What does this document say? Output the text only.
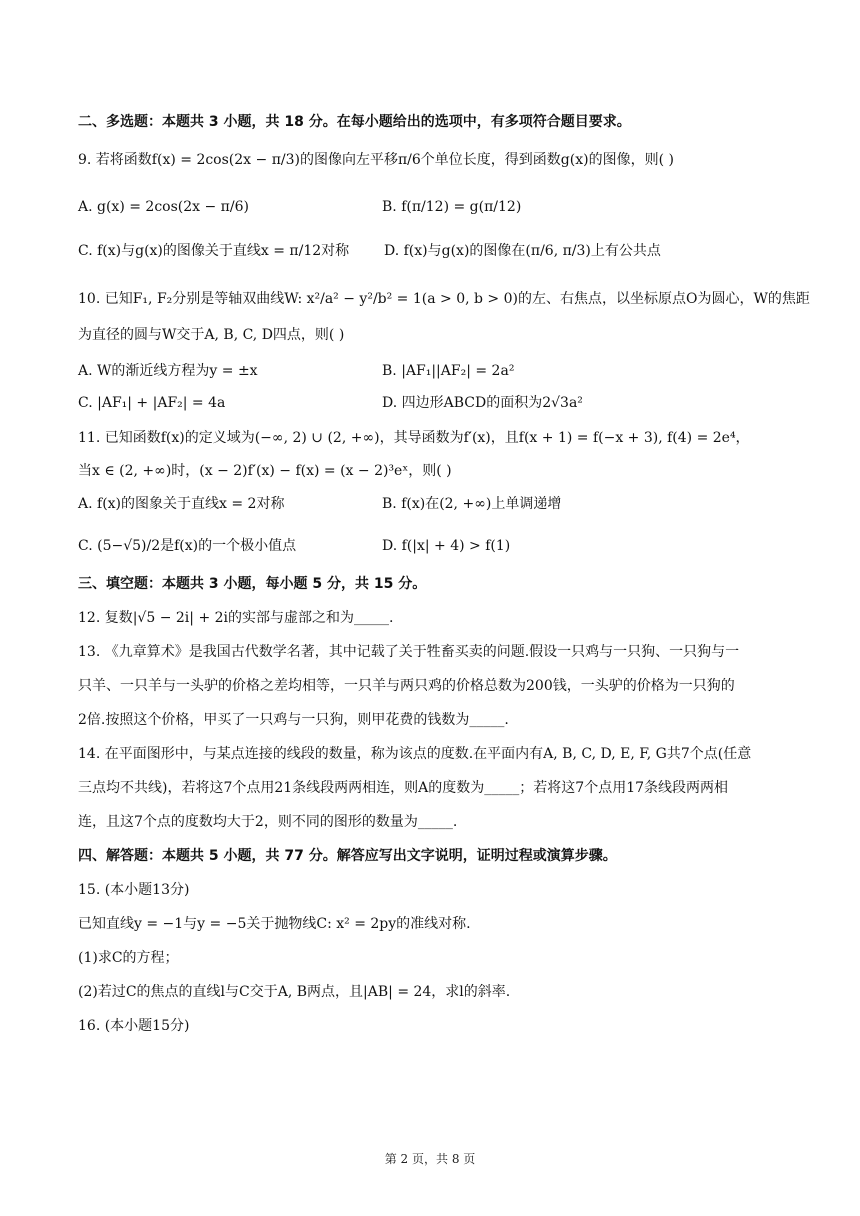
二、多选题：本题共 3 小题，共 18 分。在每小题给出的选项中，有多项符合题目要求。
9. 若将函数f(x) = 2cos(2x − π/3)的图像向左平移π/6个单位长度，得到函数g(x)的图像，则( )
A. g(x) = 2cos(2x − π/6)	B. f(π/12) = g(π/12)
C. f(x)与g(x)的图像关于直线x = π/12对称 D. f(x)与g(x)的图像在(π/6, π/3)上有公共点
10. 已知F₁, F₂分别是等轴双曲线W: x²/a² − y²/b² = 1(a > 0, b > 0)的左、右焦点，以坐标原点O为圆心，W的焦距
为直径的圆与W交于A, B, C, D四点，则( )
A. W的渐近线方程为y = ±x	B. |AF₁||AF₂| = 2a²
C. |AF₁| + |AF₂| = 4a	D. 四边形ABCD的面积为2√3a²
11. 已知函数f(x)的定义域为(−∞, 2) ∪ (2, +∞)，其导函数为f′(x)，且f(x + 1) = f(−x + 3), f(4) = 2e⁴，
当x ∈ (2, +∞)时，(x − 2)f′(x) − f(x) = (x − 2)³eˣ，则( )
A. f(x)的图象关于直线x = 2对称	B. f(x)在(2, +∞)上单调递增
C. (5−√5)/2是f(x)的一个极小值点	D. f(|x| + 4) > f(1)
三、填空题：本题共 3 小题，每小题 5 分，共 15 分。
12. 复数|√5 − 2i| + 2i的实部与虚部之和为_____.
13. 《九章算术》是我国古代数学名著，其中记载了关于牲畜买卖的问题.假设一只鸡与一只狗、一只狗与一
只羊、一只羊与一头驴的价格之差均相等，一只羊与两只鸡的价格总数为200钱，一头驴的价格为一只狗的
2倍.按照这个价格，甲买了一只鸡与一只狗，则甲花费的钱数为_____.
14. 在平面图形中，与某点连接的线段的数量，称为该点的度数.在平面内有A, B, C, D, E, F, G共7个点(任意
三点均不共线)，若将这7个点用21条线段两两相连，则A的度数为_____；若将这7个点用17条线段两两相
连，且这7个点的度数均大于2，则不同的图形的数量为_____.
四、解答题：本题共 5 小题，共 77 分。解答应写出文字说明，证明过程或演算步骤。
15. (本小题13分)
已知直线y = −1与y = −5关于抛物线C: x² = 2py的准线对称.
(1)求C的方程；
(2)若过C的焦点的直线l与C交于A, B两点，且|AB| = 24，求l的斜率.
16. (本小题15分)
第 2 页，共 8 页
